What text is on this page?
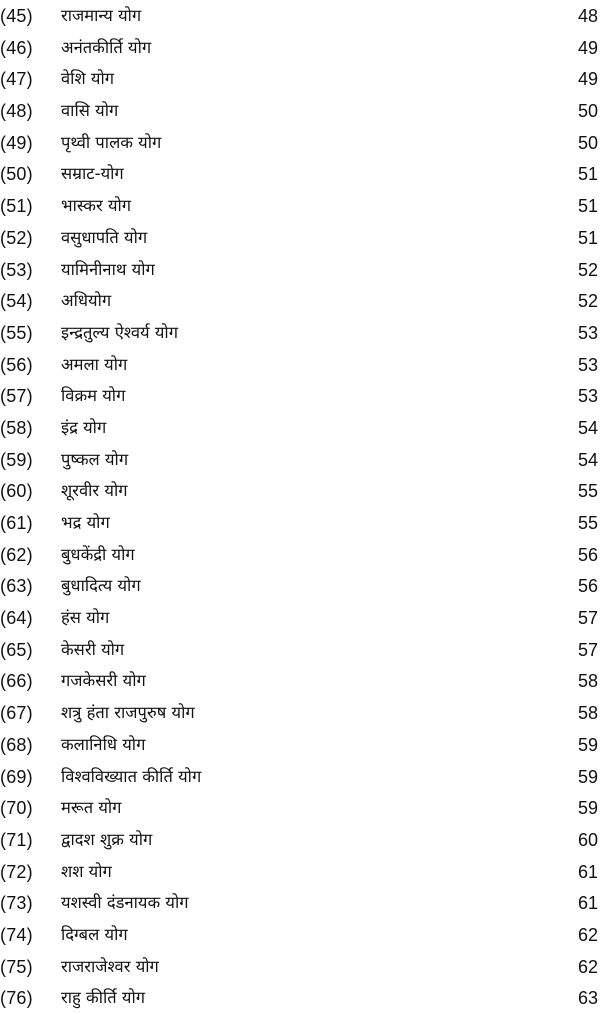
(45) राजमान्य योग	48
(46) अनंतकीर्ति योग	49
(47) वेशि योग	49
(48) वासि योग	50
(49) पृथ्वी पालक योग	50
(50) सम्राट-योग	51
(51) भास्कर योग	51
(52) वसुधापति योग	51
(53) यामिनीनाथ योग	52
(54) अधियोग	52
(55) इन्द्रतुल्य ऐश्वर्य योग	53
(56) अमला योग	53
(57) विक्रम योग	53
(58) इंद्र योग	54
(59) पुष्कल योग	54
(60) शूरवीर योग	55
(61) भद्र योग	55
(62) बुधकेंद्री योग	56
(63) बुधादित्य योग	56
(64) हंस योग	57
(65) केसरी योग	57
(66) गजकेसरी योग	58
(67) शत्रु हंता राजपुरुष योग	58
(68) कलानिधि योग	59
(69) विश्वविख्यात कीर्ति योग	59
(70) मरूत योग	59
(71) द्वादश शुक्र योग	60
(72) शश योग	61
(73) यशस्वी दंडनायक योग	61
(74) दिग्बल योग	62
(75) राजराजेश्वर योग	62
(76) राहु कीर्ति योग	63
